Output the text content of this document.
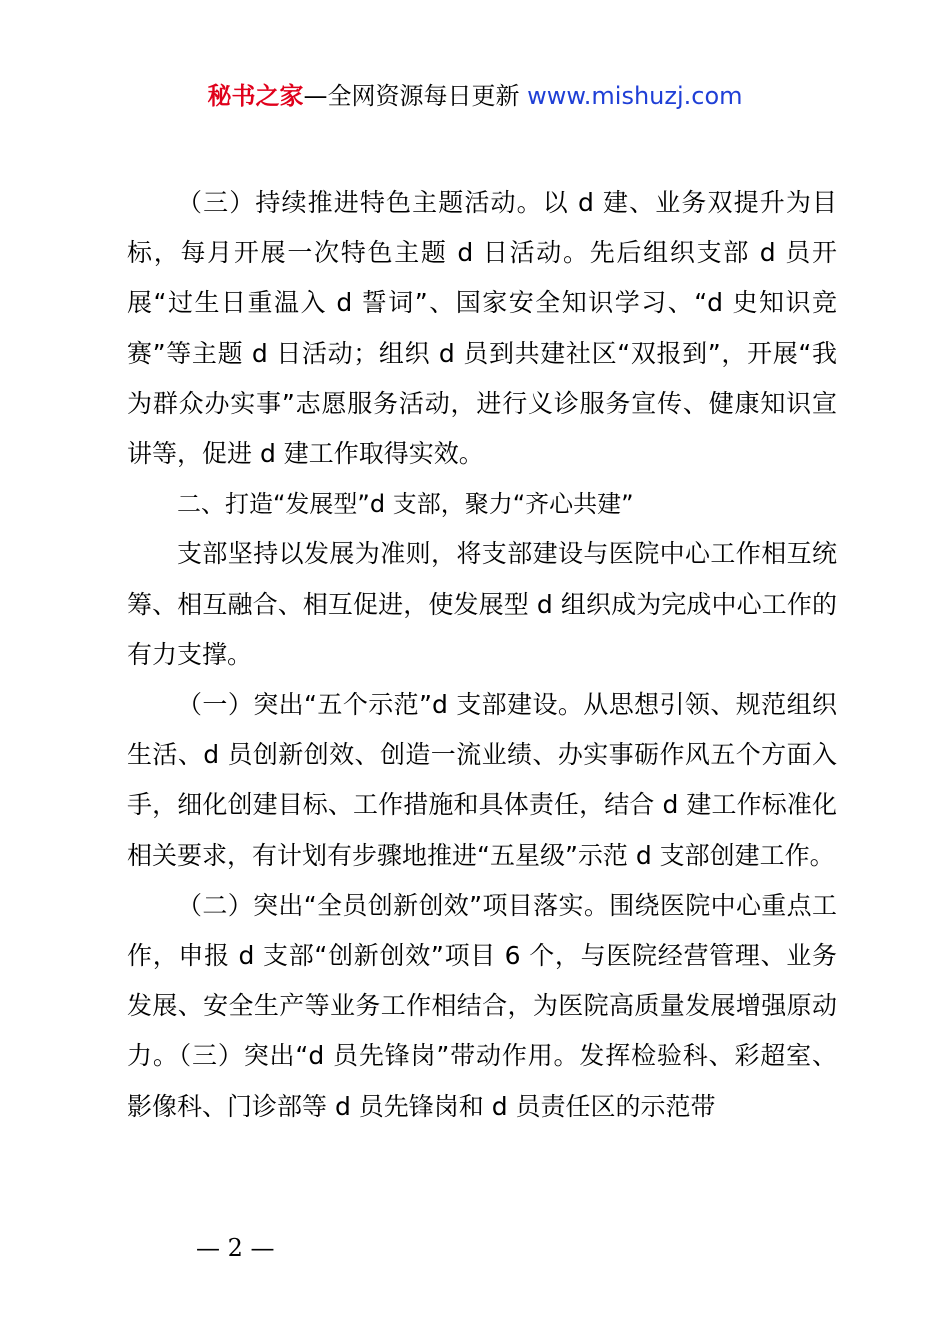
秘书之家—全网资源每日更新 www.mishuzj.com

（三）持续推进特色主题活动。以 d 建、业务双提升为目标，每月开展一次特色主题 d 日活动。先后组织支部 d 员开展“过生日重温入 d 誓词”、国家安全知识学习、“d 史知识竞赛”等主题 d 日活动；组织 d 员到共建社区“双报到”，开展“我为群众办实事”志愿服务活动，进行义诊服务宣传、健康知识宣讲等，促进 d 建工作取得实效。

二、打造“发展型”d 支部，聚力“齐心共建”

支部坚持以发展为准则，将支部建设与医院中心工作相互统筹、相互融合、相互促进，使发展型 d 组织成为完成中心工作的有力支撑。

（一）突出“五个示范”d 支部建设。从思想引领、规范组织生活、d 员创新创效、创造一流业绩、办实事砺作风五个方面入手，细化创建目标、工作措施和具体责任，结合 d 建工作标准化相关要求，有计划有步骤地推进“五星级”示范 d 支部创建工作。

（二）突出“全员创新创效”项目落实。围绕医院中心重点工作，申报 d 支部“创新创效”项目 6 个，与医院经营管理、业务发展、安全生产等业务工作相结合，为医院高质量发展增强原动力。（三）突出“d 员先锋岗”带动作用。发挥检验科、彩超室、影像科、门诊部等 d 员先锋岗和 d 员责任区的示范带

— 2 —
